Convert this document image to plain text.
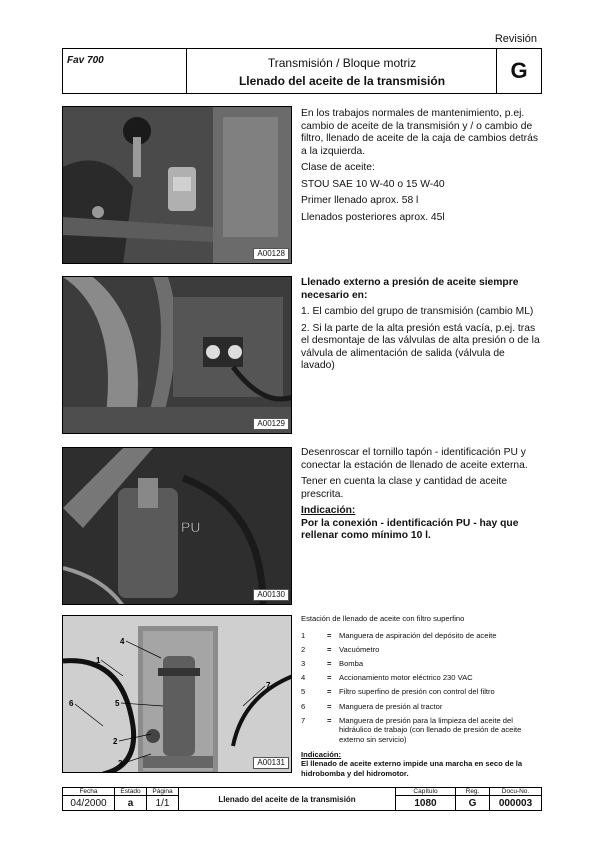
Revisión
Fav 700	Transmisión / Bloque motriz
Llenado del aceite de la transmisión	G
A00128

En los trabajos normales de mantenimiento, p.ej. cambio de aceite de la transmisión y / o cambio de filtro, llenado de aceite de la caja de cambios detrás a la izquierda.

Clase de aceite:

STOU SAE 10 W-40 o 15 W-40

Primer llenado aprox. 58 l

Llenados posteriores aprox. 45l

A00129

Llenado externo a presión de aceite siempre necesario en:

1. El cambio del grupo de transmisión (cambio ML)

2. Si la parte de la alta presión está vacía, p.ej. tras el desmontaje de las válvulas de alta presión o de la válvula de alimentación de salida (válvula de lavado)

PU
A00130

Desenroscar el tornillo tapón - identificación PU y conectar la estación de llenado de aceite externa.

Tener en cuenta la clase y cantidad de aceite prescrita.

Indicación:

Por la conexión - identificación PU - hay que rellenar como mínimo 10 l.

1
2
3
4
5
6
7
A00131
Estación de llenado de aceite con filtro superfino
1	= Manguera de aspiración del depósito de aceite
2	= Vacuómetro
3	= Bomba
4	= Accionamiento motor eléctrico 230 VAC
5	= Filtro superfino de presión con control del filtro
6	= Manguera de presión al tractor
7	= Manguera de presión para la limpieza del aceite del hidráulico de trabajo (con llenado de presión de aceite externo sin servicio)
Indicación:
El llenado de aceite externo impide una marcha en seco de la hidrobomba y del hidromotor.
Fecha	Estado	Página	Llenado del aceite de la transmisión	Capítulo	Reg.	Docu-No.
04/2000	a	1/1		1080	G	000003
